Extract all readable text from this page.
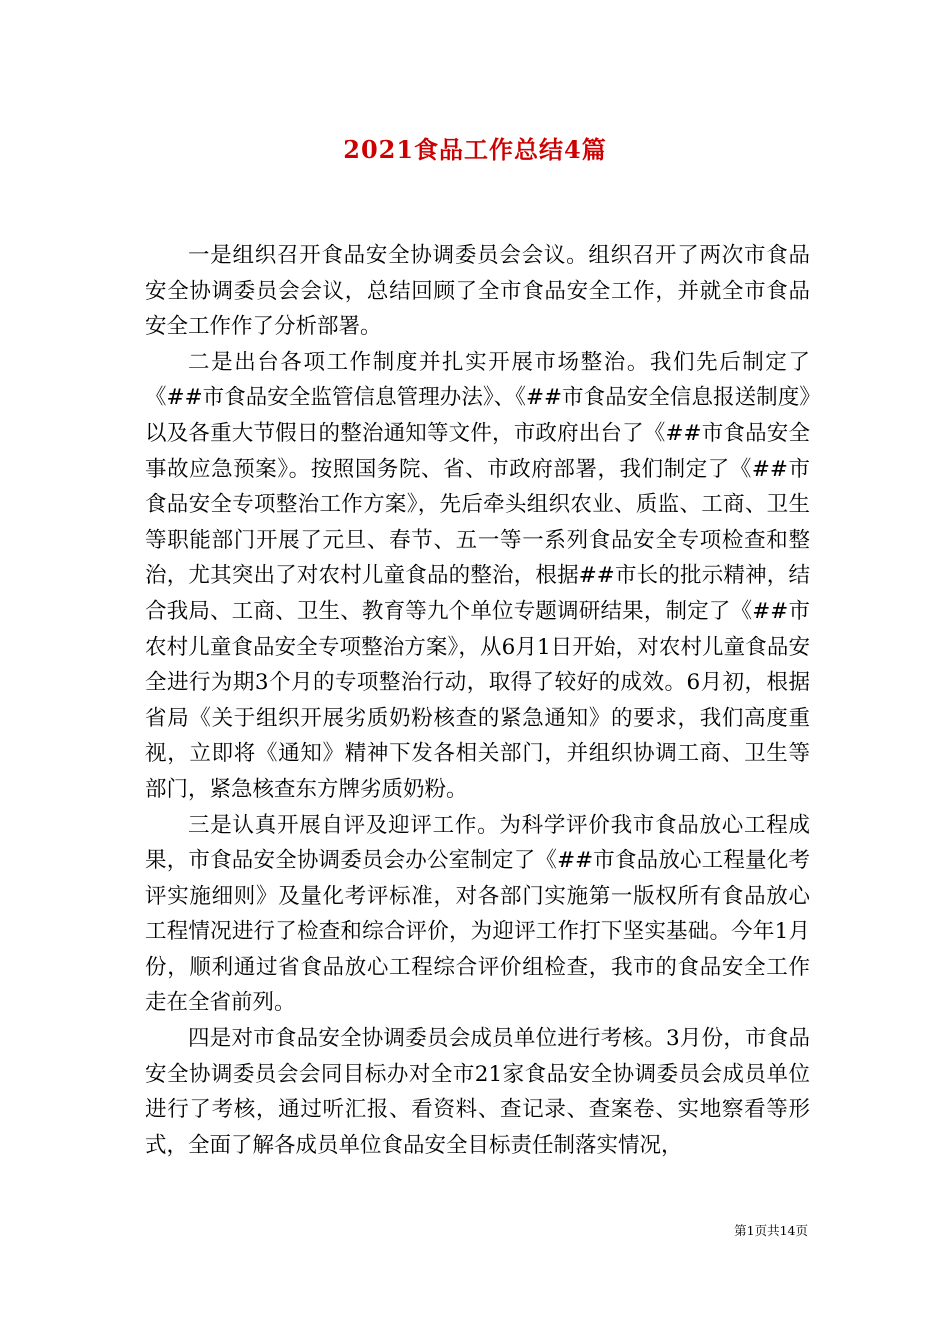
2021食品工作总结4篇

一是组织召开食品安全协调委员会会议。组织召开了两次市食品安全协调委员会会议，总结回顾了全市食品安全工作，并就全市食品安全工作作了分析部署。

二是出台各项工作制度并扎实开展市场整治。我们先后制定了《##市食品安全监管信息管理办法》、《##市食品安全信息报送制度》以及各重大节假日的整治通知等文件，市政府出台了《##市食品安全事故应急预案》。按照国务院、省、市政府部署，我们制定了《##市食品安全专项整治工作方案》，先后牵头组织农业、质监、工商、卫生等职能部门开展了元旦、春节、五一等一系列食品安全专项检查和整治，尤其突出了对农村儿童食品的整治，根据##市长的批示精神，结合我局、工商、卫生、教育等九个单位专题调研结果，制定了《##市农村儿童食品安全专项整治方案》，从6月1日开始，对农村儿童食品安全进行为期3个月的专项整治行动，取得了较好的成效。6月初，根据省局《关于组织开展劣质奶粉核查的紧急通知》的要求，我们高度重视，立即将《通知》精神下发各相关部门，并组织协调工商、卫生等部门，紧急核查东方牌劣质奶粉。

三是认真开展自评及迎评工作。为科学评价我市食品放心工程成果，市食品安全协调委员会办公室制定了《##市食品放心工程量化考评实施细则》及量化考评标准，对各部门实施第一版权所有食品放心工程情况进行了检查和综合评价，为迎评工作打下坚实基础。今年1月份，顺利通过省食品放心工程综合评价组检查，我市的食品安全工作走在全省前列。

四是对市食品安全协调委员会成员单位进行考核。3月份，市食品安全协调委员会会同目标办对全市21家食品安全协调委员会成员单位进行了考核，通过听汇报、看资料、查记录、查案卷、实地察看等形式，全面了解各成员单位食品安全目标责任制落实情况，

第1页共14页
